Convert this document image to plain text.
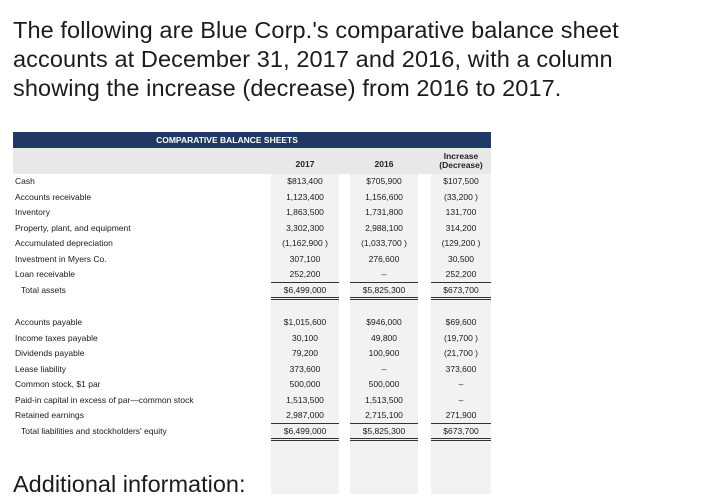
The following are Blue Corp.'s comparative balance sheet accounts at December 31, 2017 and 2016, with a column showing the increase (decrease) from 2016 to 2017.
COMPARATIVE BALANCE SHEETS
2017	2016
Increase
(Decrease)
Cash	$813,400	$705,900	$107,500
Accounts receivable	1,123,400	1,156,600	(33,200 )
Inventory	1,863,500	1,731,800	131,700
Property, plant, and equipment	3,302,300	2,988,100	314,200
Accumulated depreciation	(1,162,900 )	(1,033,700 )	(129,200 )
Investment in Myers Co.	307,100	276,600	30,500
Loan receivable	252,200	–	252,200
Total assets	$6,499,000	$5,825,300	$673,700
Accounts payable	$1,015,600	$946,000	$69,600
Income taxes payable	30,100	49,800	(19,700 )
Dividends payable	79,200	100,900	(21,700 )
Lease liability	373,600	–	373,600
Common stock, $1 par	500,000	500,000	–
Paid-in capital in excess of par—common stock	1,513,500	1,513,500	–
Retained earnings	2,987,000	2,715,100	271,900
Total liabilities and stockholders' equity	$6,499,000	$5,825,300	$673,700
Additional information:
